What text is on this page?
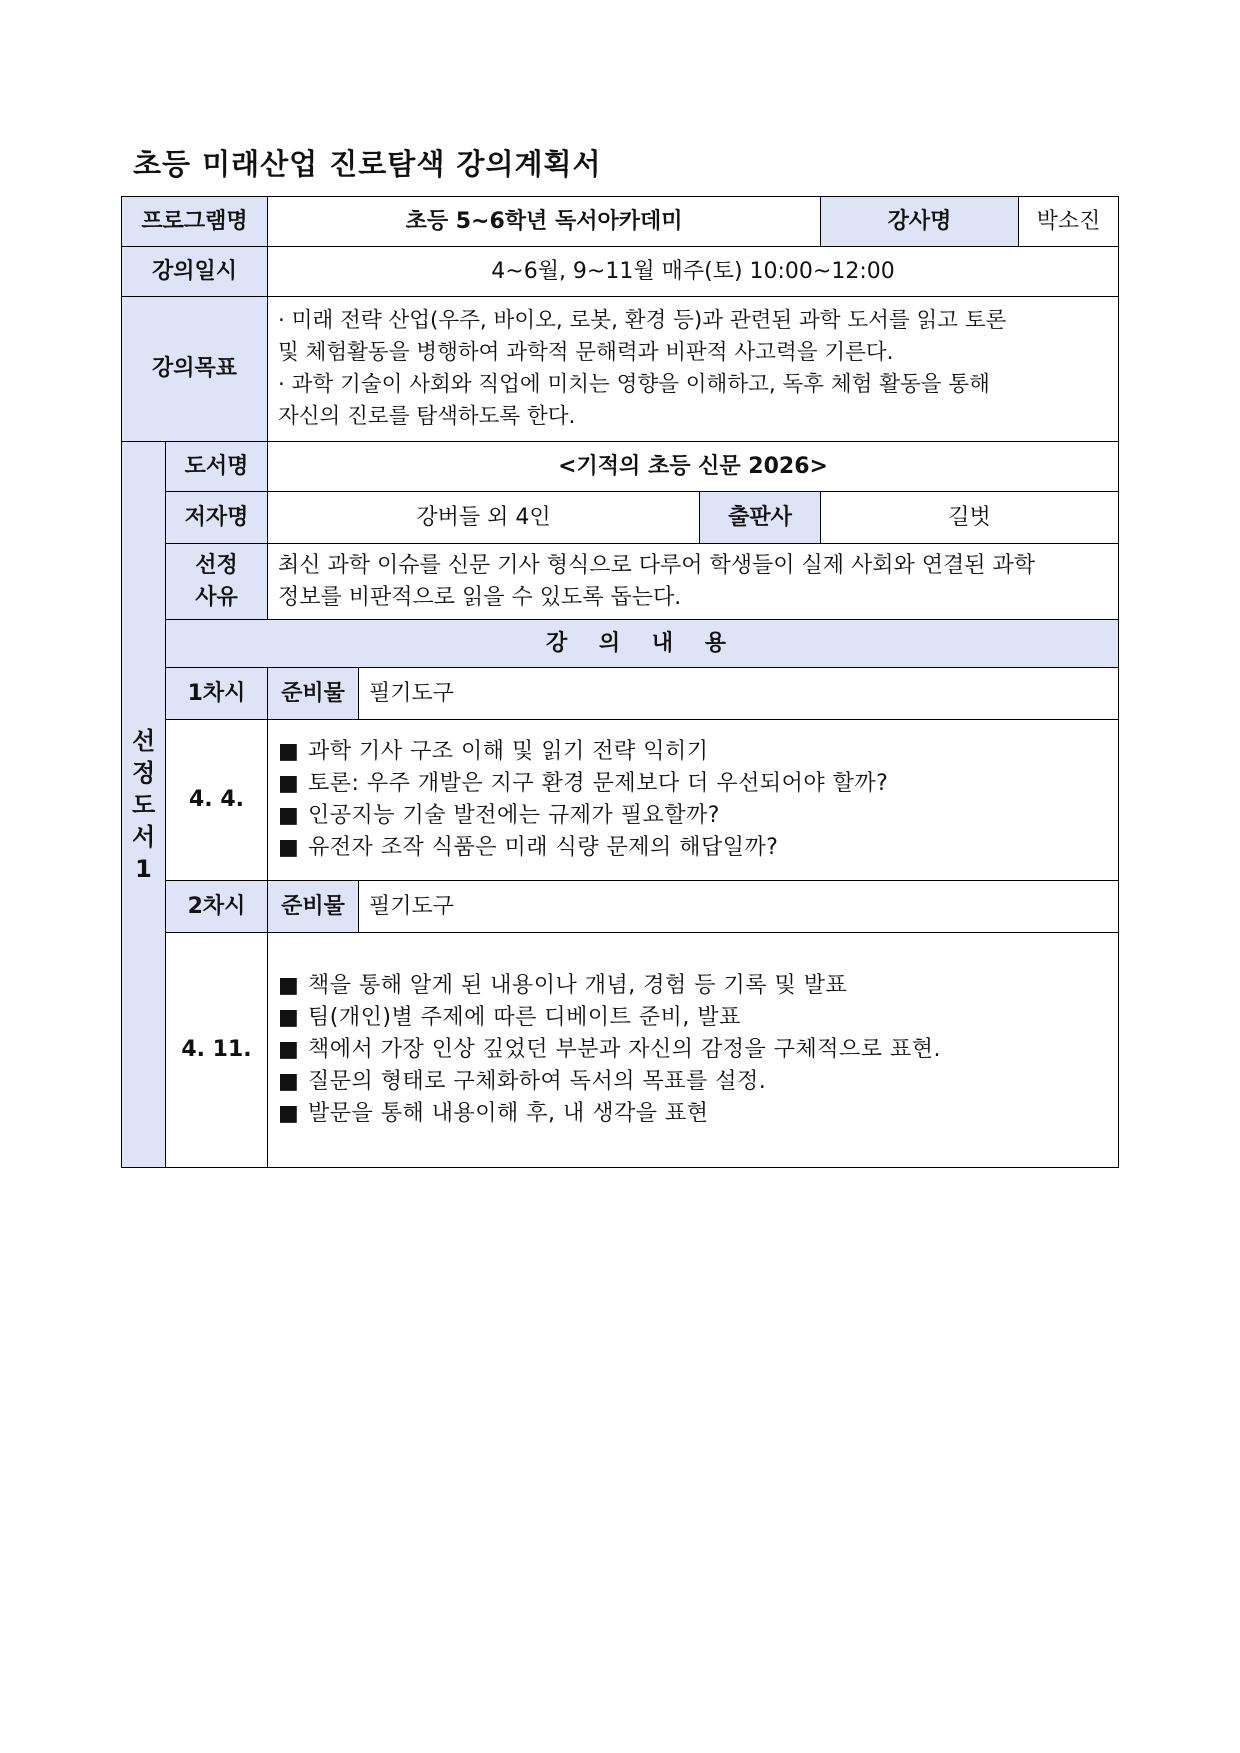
초등 미래산업 진로탐색 강의계획서
프로그램명		초등 5~6학년 독서아카데미			강사명	박소진
강의일시		4~6월, 9~11월 매주(토) 10:00~12:00				
강의목표		· 미래 전략 산업(우주, 바이오, 로봇, 환경 등)과 관련된 과학 도서를 읽고 토론
및 체험활동을 병행하여 과학적 문해력과 비판적 사고력을 기른다.
· 과학 기술이 사회와 직업에 미치는 영향을 이해하고, 독후 체험 활동을 통해
자신의 진로를 탐색하도록 한다.				

선
정
도
서
1	도서명	<기적의 초등 신문 2026>				
	저자명	강버들 외 4인		출판사	길벗	

	선정
사유	최신 과학 이슈를 신문 기사 형식으로 다루어 학생들이 실제 사회와 연결된 과학
정보를 비판적으로 읽을 수 있도록 돕는다.				

	강 의 내 용					
	1차시	준비물	필기도구			
	4. 4.	■ 과학 기사 구조 이해 및 읽기 전략 익히기
■ 토론: 우주 개발은 지구 환경 문제보다 더 우선되어야 할까?
■ 인공지능 기술 발전에는 규제가 필요할까?
■ 유전자 조작 식품은 미래 식량 문제의 해답일까?				

	2차시	준비물	필기도구			
	4. 11.	■ 책을 통해 알게 된 내용이나 개념, 경험 등 기록 및 발표
■ 팀(개인)별 주제에 따른 디베이트 준비, 발표
■ 책에서 가장 인상 깊었던 부분과 자신의 감정을 구체적으로 표현.
■ 질문의 형태로 구체화하여 독서의 목표를 설정.
■ 발문을 통해 내용이해 후, 내 생각을 표현				
